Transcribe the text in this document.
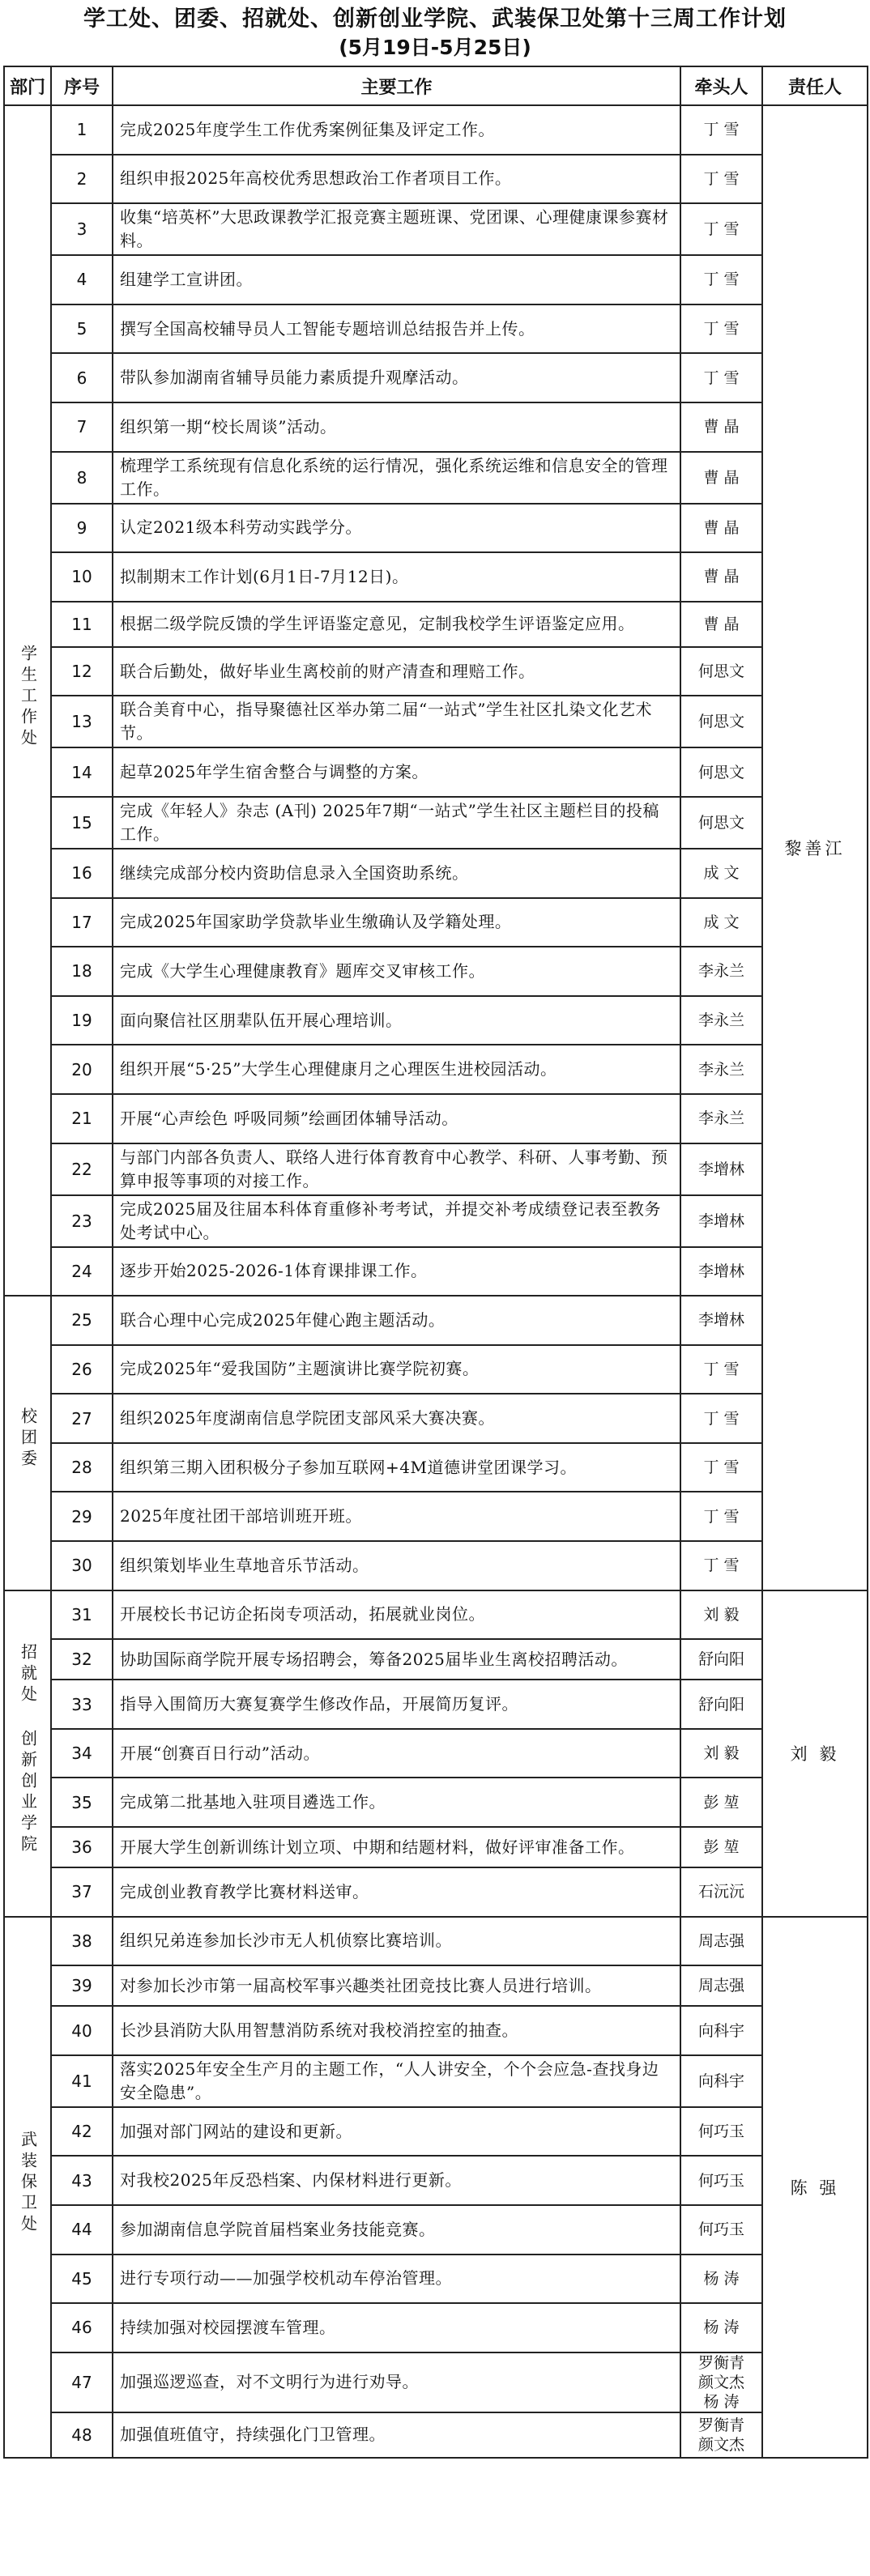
学工处、团委、招就处、创新创业学院、武装保卫处第十三周工作计划
(5月19日-5月25日)
部门	序号	主要工作	牵头人	责任人
学生工作处	1	完成2025年度学生工作优秀案例征集及评定工作。	丁 雪	黎善江
	2	组织申报2025年高校优秀思想政治工作者项目工作。	丁 雪	

	3	收集“培英杯”大思政课教学汇报竞赛主题班课、党团课、心理健康课参赛材料。	丁 雪	

	4	组建学工宣讲团。	丁 雪	

	5	撰写全国高校辅导员人工智能专题培训总结报告并上传。	丁 雪	

	6	带队参加湖南省辅导员能力素质提升观摩活动。	丁 雪	

	7	组织第一期“校长周谈”活动。	曹 晶	

	8	梳理学工系统现有信息化系统的运行情况，强化系统运维和信息安全的管理工作。	曹 晶	

	9	认定2021级本科劳动实践学分。	曹 晶	

	10	拟制期末工作计划(6月1日-7月12日)。	曹 晶	

	11	根据二级学院反馈的学生评语鉴定意见，定制我校学生评语鉴定应用。	曹 晶	

	12	联合后勤处，做好毕业生离校前的财产清查和理赔工作。	何思文	

	13	联合美育中心，指导聚德社区举办第二届“一站式”学生社区扎染文化艺术节。	何思文	

	14	起草2025年学生宿舍整合与调整的方案。	何思文	

	15	完成《年轻人》杂志 (A刊) 2025年7期“一站式”学生社区主题栏目的投稿工作。	何思文	

	16	继续完成部分校内资助信息录入全国资助系统。	成 文	

	17	完成2025年国家助学贷款毕业生缴确认及学籍处理。	成 文	

	18	完成《大学生心理健康教育》题库交叉审核工作。	李永兰	

	19	面向聚信社区朋辈队伍开展心理培训。	李永兰	

	20	组织开展“5·25”大学生心理健康月之心理医生进校园活动。	李永兰	

	21	开展“心声绘色 呼吸同频”绘画团体辅导活动。	李永兰	

	22	与部门内部各负责人、联络人进行体育教育中心教学、科研、人事考勤、预算申报等事项的对接工作。	李增林	

	23	完成2025届及往届本科体育重修补考考试，并提交补考成绩登记表至教务处考试中心。	李增林	

	24	逐步开始2025-2026-1体育课排课工作。	李增林	

校团委	25	联合心理中心完成2025年健心跑主题活动。	李增林	

	26	完成2025年“爱我国防”主题演讲比赛学院初赛。	丁 雪	

	27	组织2025年度湖南信息学院团支部风采大赛决赛。	丁 雪	

	28	组织第三期入团积极分子参加互联网+4M道德讲堂团课学习。	丁 雪	

	29	2025年度社团干部培训班开班。	丁 雪	

	30	组织策划毕业生草地音乐节活动。	丁 雪	

招就处
创新创业学院	31	开展校长书记访企拓岗专项活动，拓展就业岗位。	刘 毅	刘 毅
	32	协助国际商学院开展专场招聘会，筹备2025届毕业生离校招聘活动。	舒向阳	

	33	指导入围简历大赛复赛学生修改作品，开展简历复评。	舒向阳	

	34	开展“创赛百日行动”活动。	刘 毅	

	35	完成第二批基地入驻项目遴选工作。	彭 堃	

	36	开展大学生创新训练计划立项、中期和结题材料，做好评审准备工作。	彭 堃	

	37	完成创业教育教学比赛材料送审。	石沅沅	

武装保卫处	38	组织兄弟连参加长沙市无人机侦察比赛培训。	周志强	陈 强
	39	对参加长沙市第一届高校军事兴趣类社团竞技比赛人员进行培训。	周志强	

	40	长沙县消防大队用智慧消防系统对我校消控室的抽查。	向科宇	

	41	落实2025年安全生产月的主题工作，“人人讲安全，个个会应急-查找身边安全隐患”。	向科宇	

	42	加强对部门网站的建设和更新。	何巧玉	

	43	对我校2025年反恐档案、内保材料进行更新。	何巧玉	

	44	参加湖南信息学院首届档案业务技能竞赛。	何巧玉	

	45	进行专项行动——加强学校机动车停治管理。	杨 涛	

	46	持续加强对校园摆渡车管理。	杨 涛	

	47	加强巡逻巡查，对不文明行为进行劝导。	罗衡青
颜文杰
杨 涛	

	48	加强值班值守，持续强化门卫管理。	罗衡青
颜文杰	
